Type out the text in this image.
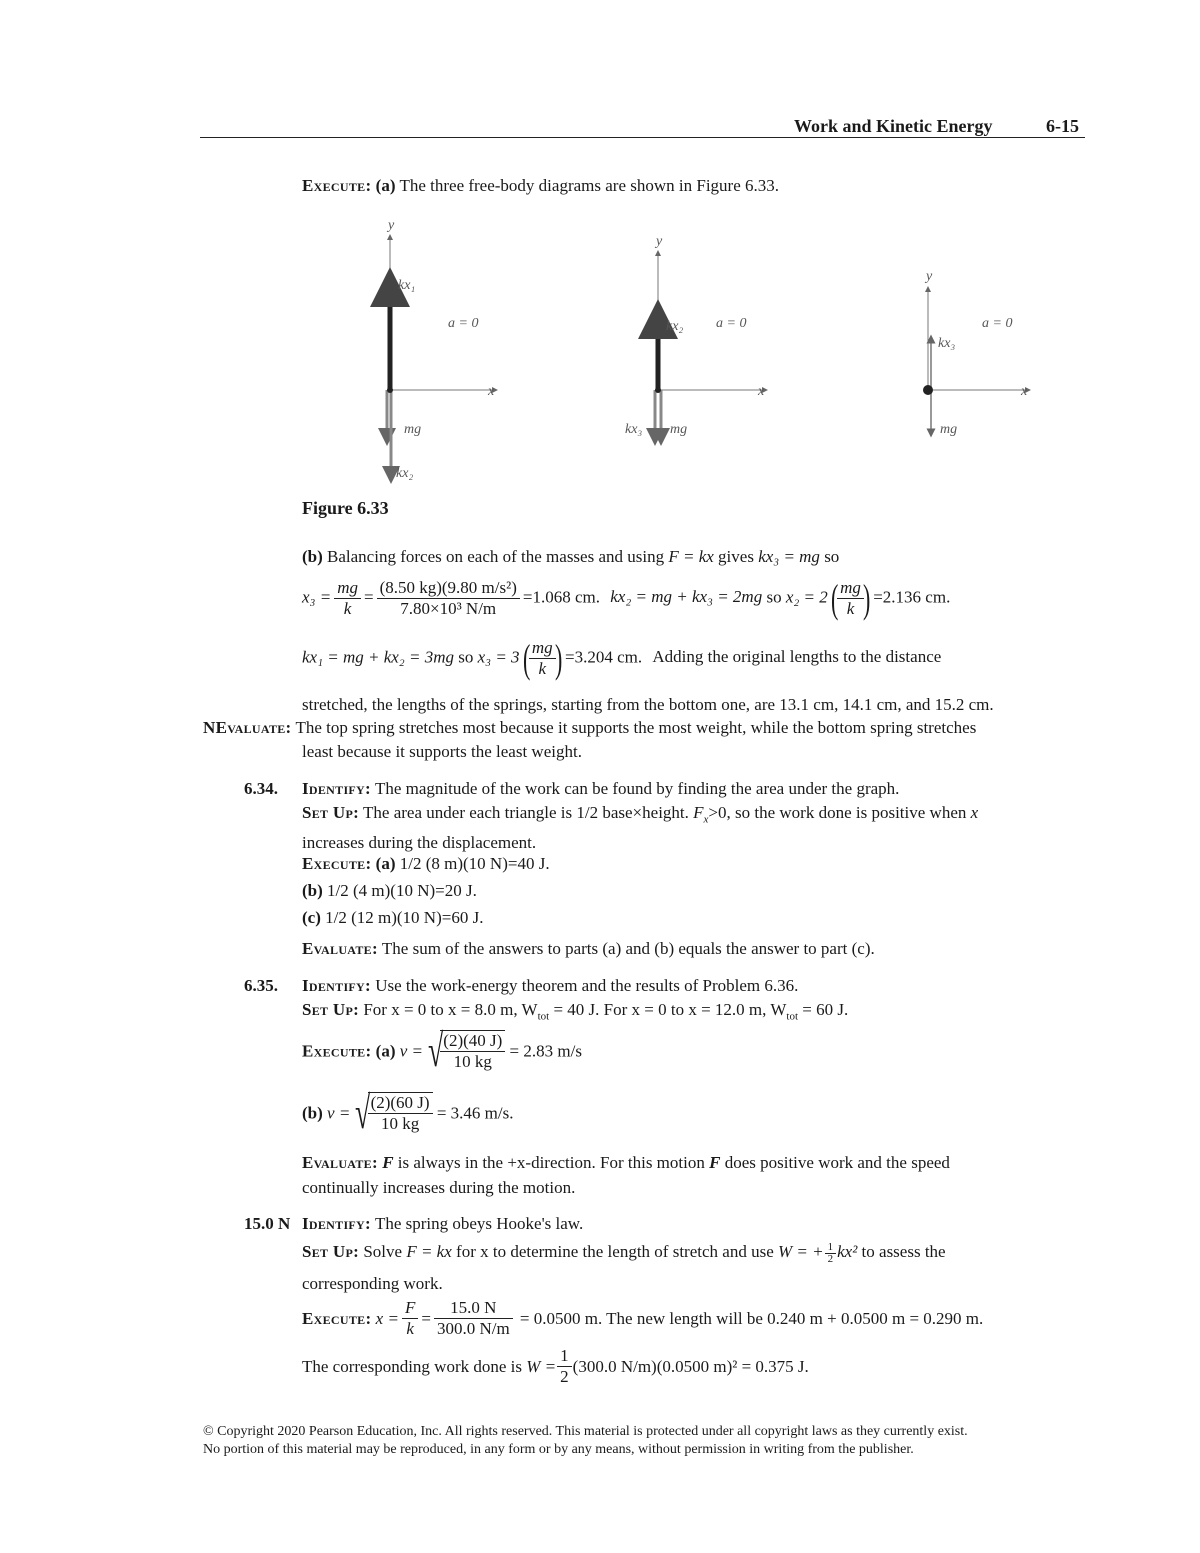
Work and Kinetic Energy	6-15
Execute: (a) The three free-body diagrams are shown in Figure 6.33.
y
x
kx₁
a = 0
mg
kx₂
y
x
kx₂ a = 0
mg
kx₃
y
x
kx₃
a = 0
mg
Figure 6.33
(b) Balancing forces on each of the masses and using F = kx gives kx₃ = mg so
$x_3 = \frac{mg}{k} = \frac{\text{(8.50 kg)(9.80 m/s²)}}{\text{7.80×10³ N/m}} =1.068$ cm. kx₂ = mg + kx₃ = 2mg so x₂ = 2(
$\frac{mg}{k}$
) =2.136 cm.
kx₁ = mg + kx₂ = 3mg so x₃ = 3(
$\frac{mg}{k}$
) =3.204 cm. Adding the original lengths to the distance
stretched, the lengths of the springs, starting from the bottom one, are 13.1 cm, 14.1 cm, and 15.2 cm.
NEvaluate: The top spring stretches most because it supports the most weight, while the bottom spring stretches
least because it supports the least weight.
6.34. Identify: The magnitude of the work can be found by finding the area under the graph.
Set Up: The area under each triangle is 1/2 base×height. $F_x>0$, so the work done is positive when x
increases during the displacement.
Execute: (a) 1/2 (8 m)(10 N)=40 J.
(b) 1/2 (4 m)(10 N)=20 J.
(c) 1/2 (12 m)(10 N)=60 J.
Evaluate: The sum of the answers to parts (a) and (b) equals the answer to part (c).
6.35. Identify: Use the work-energy theorem and the results of Problem 6.36.
Set Up: For x = 0 to x = 8.0 m, $W_{tot} = 40$ J. For x = 0 to x = 12.0 m, $W_{tot} = 60$ J.
Execute: (a) v = √
$\frac{(2)(40 J)}{10 kg} = 2.83$ m/s
(b) v = √
$\frac{(2)(60 J)}{10 kg} = 3.46$ m/s.
Evaluate: F is always in the +x-direction. For this motion F does positive work and the speed
continually increases during the motion.
15.0 N Identify: The spring obeys Hooke's law.
Set Up: Solve F = kx for x to determine the length of stretch and use W = + $\frac{1}{2} kx^2$ to assess the
corresponding work.
Execute: $x = \frac{F}{k} = \frac{15.0 N}{300.0 N/m} = 0.0500$ m. The new length will be 0.240 m + 0.0500 m = 0.290 m.
The corresponding work done is $W = \frac{1}{2} (300.0$ N/m)(0.0500 m)² = 0.375 J.
© Copyright 2020 Pearson Education, Inc. All rights reserved. This material is protected under all copyright laws as they currently exist.
No portion of this material may be reproduced, in any form or by any means, without permission in writing from the publisher.
